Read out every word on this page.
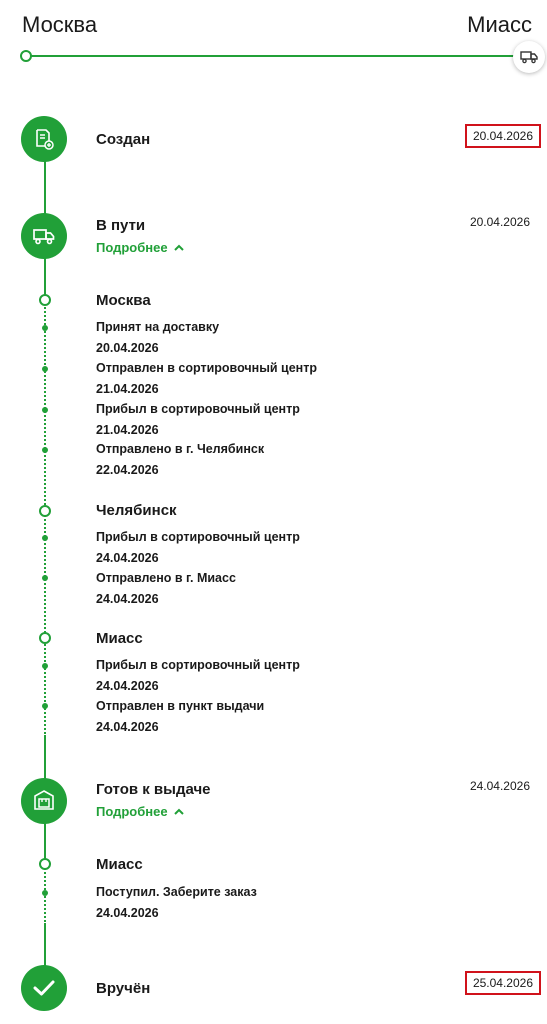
Москва	Миасс
Создан	20.04.2026
В пути	20.04.2026
Подробнее
Москва
Принят на доставку
20.04.2026
Отправлен в сортировочный центр
21.04.2026
Прибыл в сортировочный центр
21.04.2026
Отправлено в г. Челябинск
22.04.2026
Челябинск
Прибыл в сортировочный центр
24.04.2026
Отправлено в г. Миасс
24.04.2026
Миасс
Прибыл в сортировочный центр
24.04.2026
Отправлен в пункт выдачи
24.04.2026
Готов к выдаче	24.04.2026
Подробнее
Миасс
Поступил. Заберите заказ
24.04.2026
Вручён	25.04.2026
